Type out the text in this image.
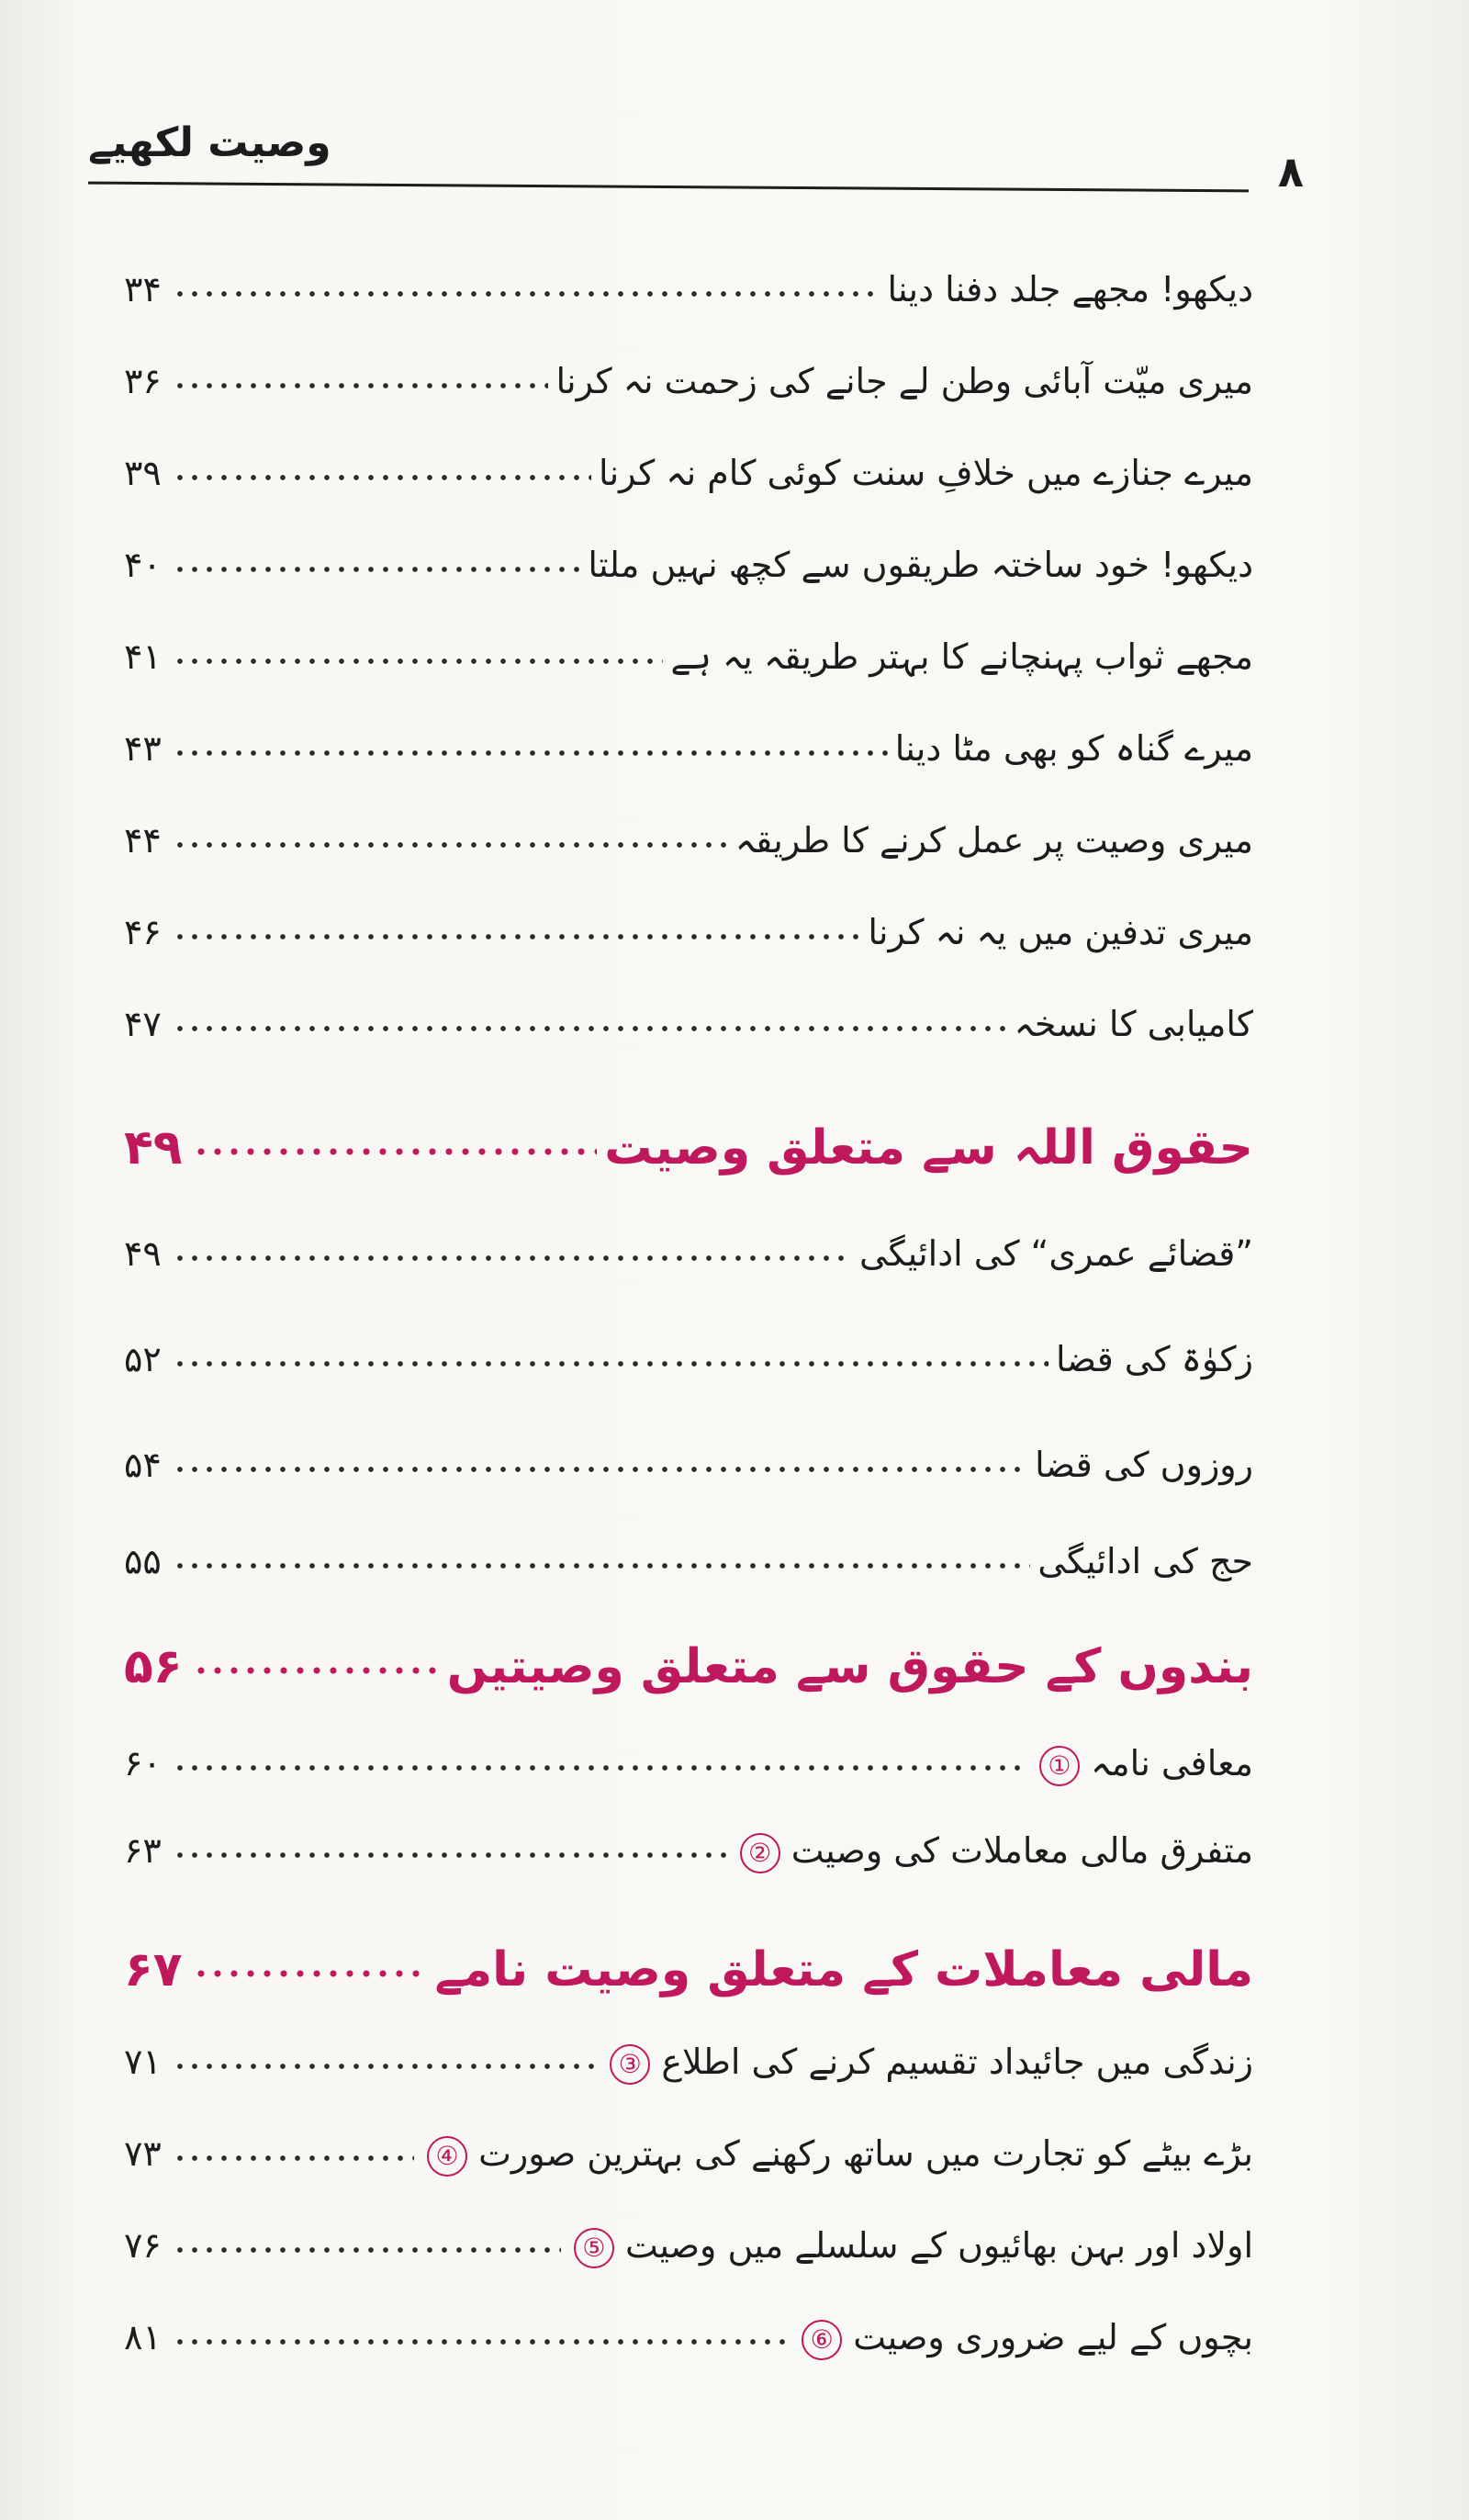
وصیت لکھیے
۸
۳۴	دیکھو! مجھے جلد دفنا دینا
۳۶	میری میّت آبائی وطن لے جانے کی زحمت نہ کرنا
۳۹	میرے جنازے میں خلافِ سنت کوئی کام نہ کرنا
۴۰	دیکھو! خود ساختہ طریقوں سے کچھ نہیں ملتا
۴۱	مجھے ثواب پہنچانے کا بہتر طریقہ یہ ہے
۴۳	میرے گناہ کو بھی مٹا دینا
۴۴	میری وصیت پر عمل کرنے کا طریقہ
۴۶	میری تدفین میں یہ نہ کرنا
۴۷	کامیابی کا نسخہ
۴۹	حقوق اللہ سے متعلق وصیت
۴۹	”قضائے عمری“ کی ادائیگی
۵۲	زکوٰۃ کی قضا
۵۴	روزوں کی قضا
۵۵	حج کی ادائیگی
۵۶	بندوں کے حقوق سے متعلق وصیتیں
۶۰	معافی نامہ ①
۶۳	متفرق مالی معاملات کی وصیت ②
۶۷	مالی معاملات کے متعلق وصیت نامے
۷۱	زندگی میں جائیداد تقسیم کرنے کی اطلاع ③
۷۳	بڑے بیٹے کو تجارت میں ساتھ رکھنے کی بہترین صورت ④
۷۶	اولاد اور بہن بھائیوں کے سلسلے میں وصیت ⑤
۸۱	بچوں کے لیے ضروری وصیت ⑥
